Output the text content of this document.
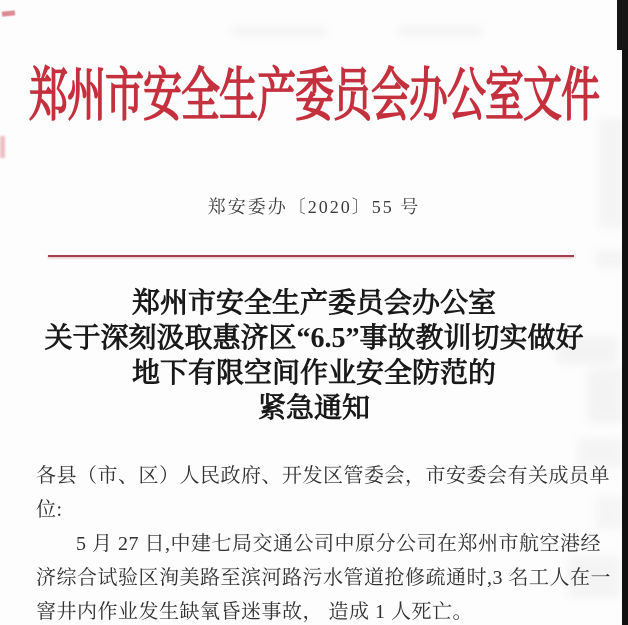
郑州市安全生产委员会办公室文件
郑安委办〔2020〕55 号
郑州市安全生产委员会办公室
关于深刻汲取惠济区“6.5”事故教训切实做好
地下有限空间作业安全防范的
紧急通知
各县（市、区）人民政府、开发区管委会，市安委会有关成员单
位:
5 月 27 日,中建七局交通公司中原分公司在郑州市航空港经
济综合试验区洵美路至滨河路污水管道抢修疏通时,3 名工人在一
窨井内作业发生缺氧昏迷事故， 造成 1 人死亡。
